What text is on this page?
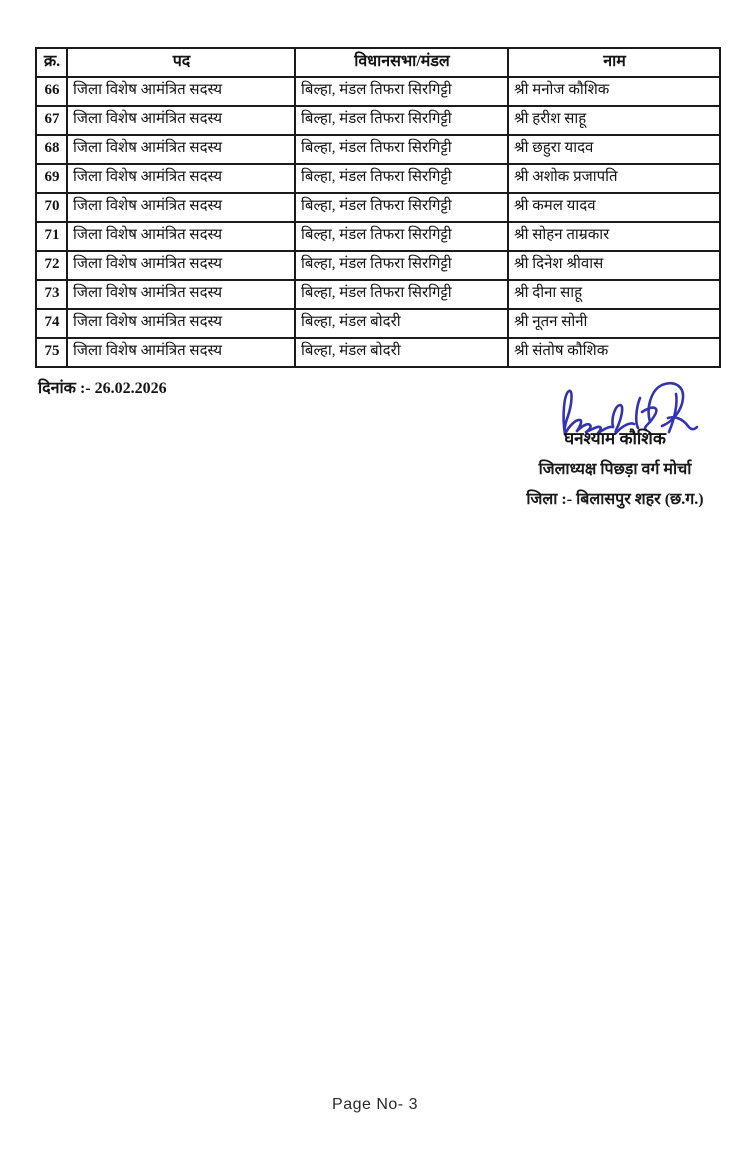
क्र.	पद	विधानसभा/मंडल	नाम
66	जिला विशेष आमंत्रित सदस्य	बिल्हा, मंडल तिफरा सिरगिट्टी	श्री मनोज कौशिक
67	जिला विशेष आमंत्रित सदस्य	बिल्हा, मंडल तिफरा सिरगिट्टी	श्री हरीश साहू
68	जिला विशेष आमंत्रित सदस्य	बिल्हा, मंडल तिफरा सिरगिट्टी	श्री छहुरा यादव
69	जिला विशेष आमंत्रित सदस्य	बिल्हा, मंडल तिफरा सिरगिट्टी	श्री अशोक प्रजापति
70	जिला विशेष आमंत्रित सदस्य	बिल्हा, मंडल तिफरा सिरगिट्टी	श्री कमल यादव
71	जिला विशेष आमंत्रित सदस्य	बिल्हा, मंडल तिफरा सिरगिट्टी	श्री सोहन ताम्रकार
72	जिला विशेष आमंत्रित सदस्य	बिल्हा, मंडल तिफरा सिरगिट्टी	श्री दिनेश श्रीवास
73	जिला विशेष आमंत्रित सदस्य	बिल्हा, मंडल तिफरा सिरगिट्टी	श्री दीना साहू
74	जिला विशेष आमंत्रित सदस्य	बिल्हा, मंडल बोदरी	श्री नूतन सोनी
75	जिला विशेष आमंत्रित सदस्य	बिल्हा, मंडल बोदरी	श्री संतोष कौशिक
दिनांक :- 26.02.2026
घनश्याम कौशिक
जिलाध्यक्ष पिछड़ा वर्ग मोर्चा
जिला :- बिलासपुर शहर (छ.ग.)
Page No- 3
